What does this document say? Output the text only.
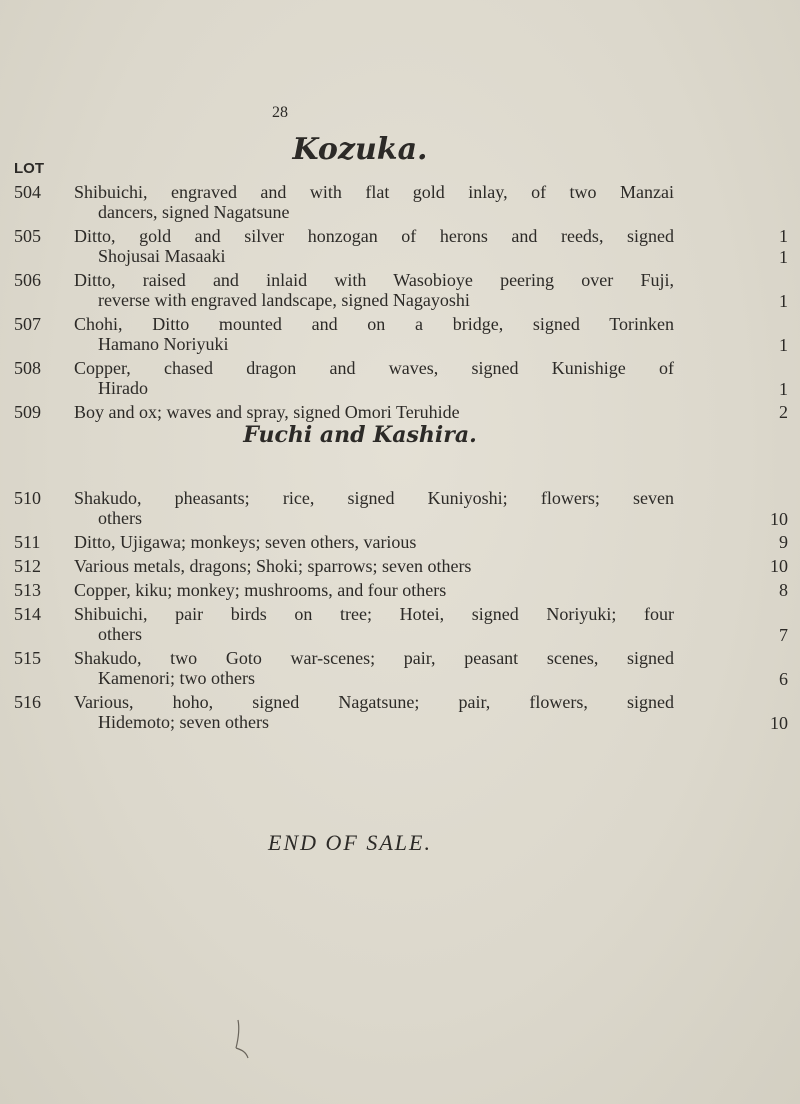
28
Kozuka.
LOT
504 Shibuichi, engraved and with flat gold inlay, of two Manzai
dancers, signed Nagatsune
1
505 Ditto, gold and silver honzogan of herons and reeds, signed
Shojusai Masaaki	1
506 Ditto, raised and inlaid with Wasobioye peering over Fuji,
reverse with engraved landscape, signed Nagayoshi	1
507 Chohi, Ditto mounted and on a bridge, signed Torinken
Hamano Noriyuki	1
508 Copper, chased dragon and waves, signed Kunishige of
Hirado	1
509 Boy and ox; waves and spray, signed Omori Teruhide	2
Fuchi and Kashira.
510 Shakudo, pheasants; rice, signed Kuniyoshi; flowers; seven
others	10
511 Ditto, Ujigawa; monkeys; seven others, various	9
512 Various metals, dragons; Shoki; sparrows; seven others	10
513 Copper, kiku; monkey; mushrooms, and four others	8
514 Shibuichi, pair birds on tree; Hotei, signed Noriyuki; four
others	7
515 Shakudo, two Goto war-scenes; pair, peasant scenes, signed
Kamenori; two others	6
516 Various, hoho, signed Nagatsune; pair, flowers, signed
Hidemoto; seven others	10
END OF SALE.
